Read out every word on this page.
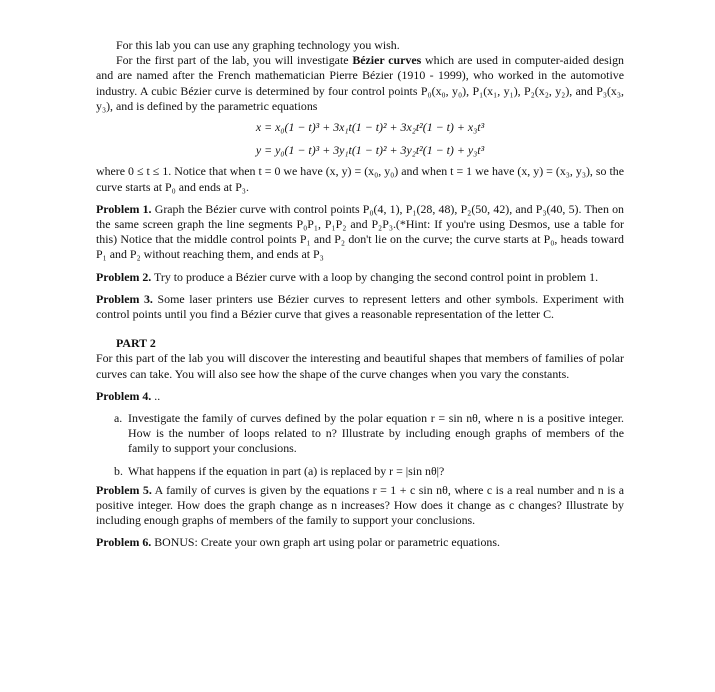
For this lab you can use any graphing technology you wish.

For the first part of the lab, you will investigate Bézier curves which are used in computer-aided design and are named after the French mathematician Pierre Bézier (1910 - 1999), who worked in the automotive industry. A cubic Bézier curve is determined by four control points P₀(x₀, y₀), P₁(x₁, y₁), P₂(x₂, y₂), and P₃(x₃, y₃), and is defined by the parametric equations

x = x₀(1 − t)³ + 3x₁t(1 − t)² + 3x₂t²(1 − t) + x₃t³

y = y₀(1 − t)³ + 3y₁t(1 − t)² + 3y₂t²(1 − t) + y₃t³

where 0 ≤ t ≤ 1. Notice that when t = 0 we have (x, y) = (x₀, y₀) and when t = 1 we have (x, y) = (x₃, y₃), so the curve starts at P₀ and ends at P₃.

Problem 1. Graph the Bézier curve with control points P₀(4, 1), P₁(28, 48), P₂(50, 42), and P₃(40, 5). Then on the same screen graph the line segments P₀P₁, P₁P₂ and P₂P₃.(*Hint: If you're using Desmos, use a table for this) Notice that the middle control points P₁ and P₂ don't lie on the curve; the curve starts at P₀, heads toward P₁ and P₂ without reaching them, and ends at P₃

Problem 2. Try to produce a Bézier curve with a loop by changing the second control point in problem 1.

Problem 3. Some laser printers use Bézier curves to represent letters and other symbols. Experiment with control points until you find a Bézier curve that gives a reasonable representation of the letter C.

PART 2

For this part of the lab you will discover the interesting and beautiful shapes that members of families of polar curves can take. You will also see how the shape of the curve changes when you vary the constants.

Problem 4. ..

a. Investigate the family of curves defined by the polar equation r = sin nθ, where n is a positive integer. How is the number of loops related to n? Illustrate by including enough graphs of members of the family to support your conclusions.
b. What happens if the equation in part (a) is replaced by r = |sin nθ|?

Problem 5. A family of curves is given by the equations r = 1 + c sin nθ, where c is a real number and n is a positive integer. How does the graph change as n increases? How does it change as c changes? Illustrate by including enough graphs of members of the family to support your conclusions.

Problem 6. BONUS: Create your own graph art using polar or parametric equations.
